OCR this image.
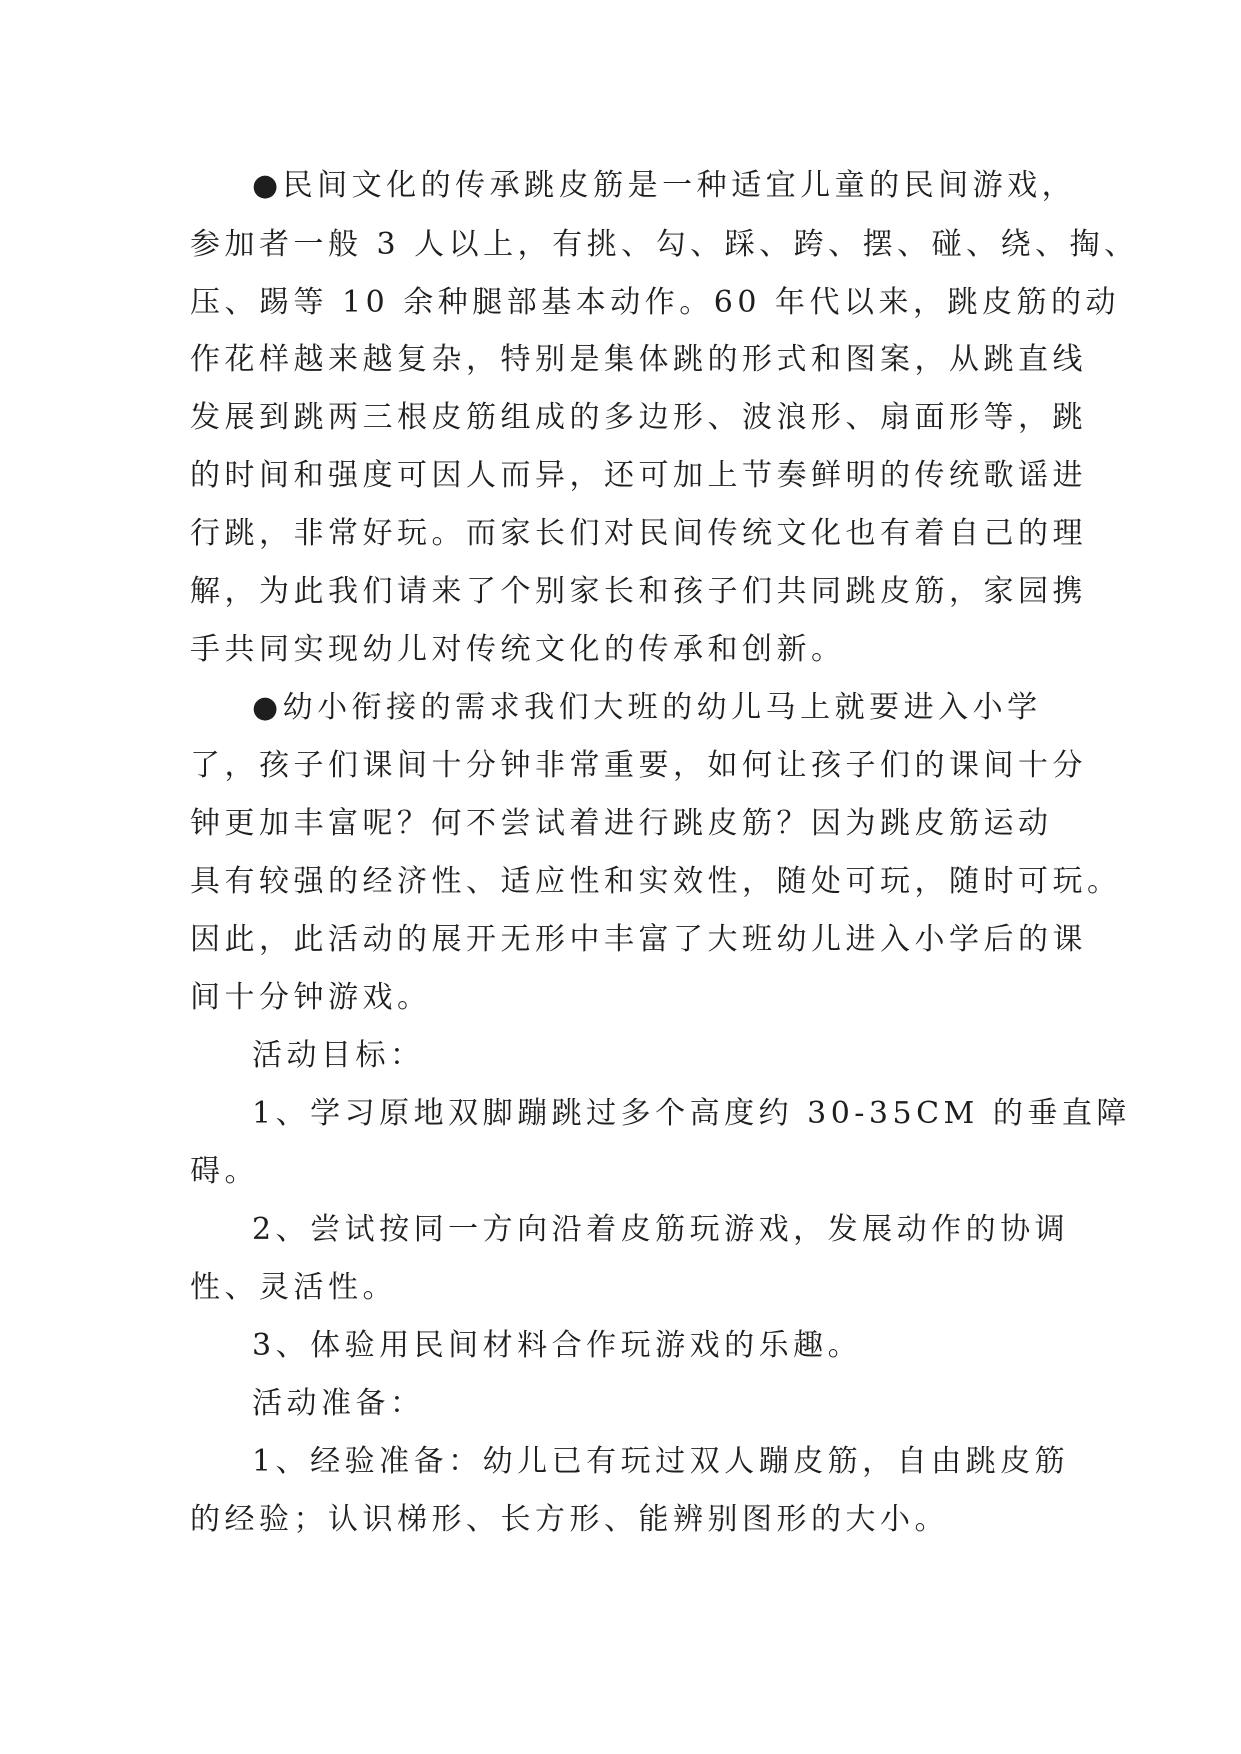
●民间文化的传承跳皮筋是一种适宜儿童的民间游戏，
参加者一般 3 人以上，有挑、勾、踩、跨、摆、碰、绕、掏、
压、踢等 10 余种腿部基本动作。60 年代以来，跳皮筋的动
作花样越来越复杂，特别是集体跳的形式和图案，从跳直线
发展到跳两三根皮筋组成的多边形、波浪形、扇面形等，跳
的时间和强度可因人而异，还可加上节奏鲜明的传统歌谣进
行跳，非常好玩。而家长们对民间传统文化也有着自己的理
解，为此我们请来了个别家长和孩子们共同跳皮筋，家园携
手共同实现幼儿对传统文化的传承和创新。
●幼小衔接的需求我们大班的幼儿马上就要进入小学
了，孩子们课间十分钟非常重要，如何让孩子们的课间十分
钟更加丰富呢？何不尝试着进行跳皮筋？因为跳皮筋运动
具有较强的经济性、适应性和实效性，随处可玩，随时可玩。
因此，此活动的展开无形中丰富了大班幼儿进入小学后的课
间十分钟游戏。
活动目标：
1、学习原地双脚蹦跳过多个高度约 30-35CM 的垂直障
碍。
2、尝试按同一方向沿着皮筋玩游戏，发展动作的协调
性、灵活性。
3、体验用民间材料合作玩游戏的乐趣。
活动准备：
1、经验准备：幼儿已有玩过双人蹦皮筋，自由跳皮筋
的经验；认识梯形、长方形、能辨别图形的大小。
